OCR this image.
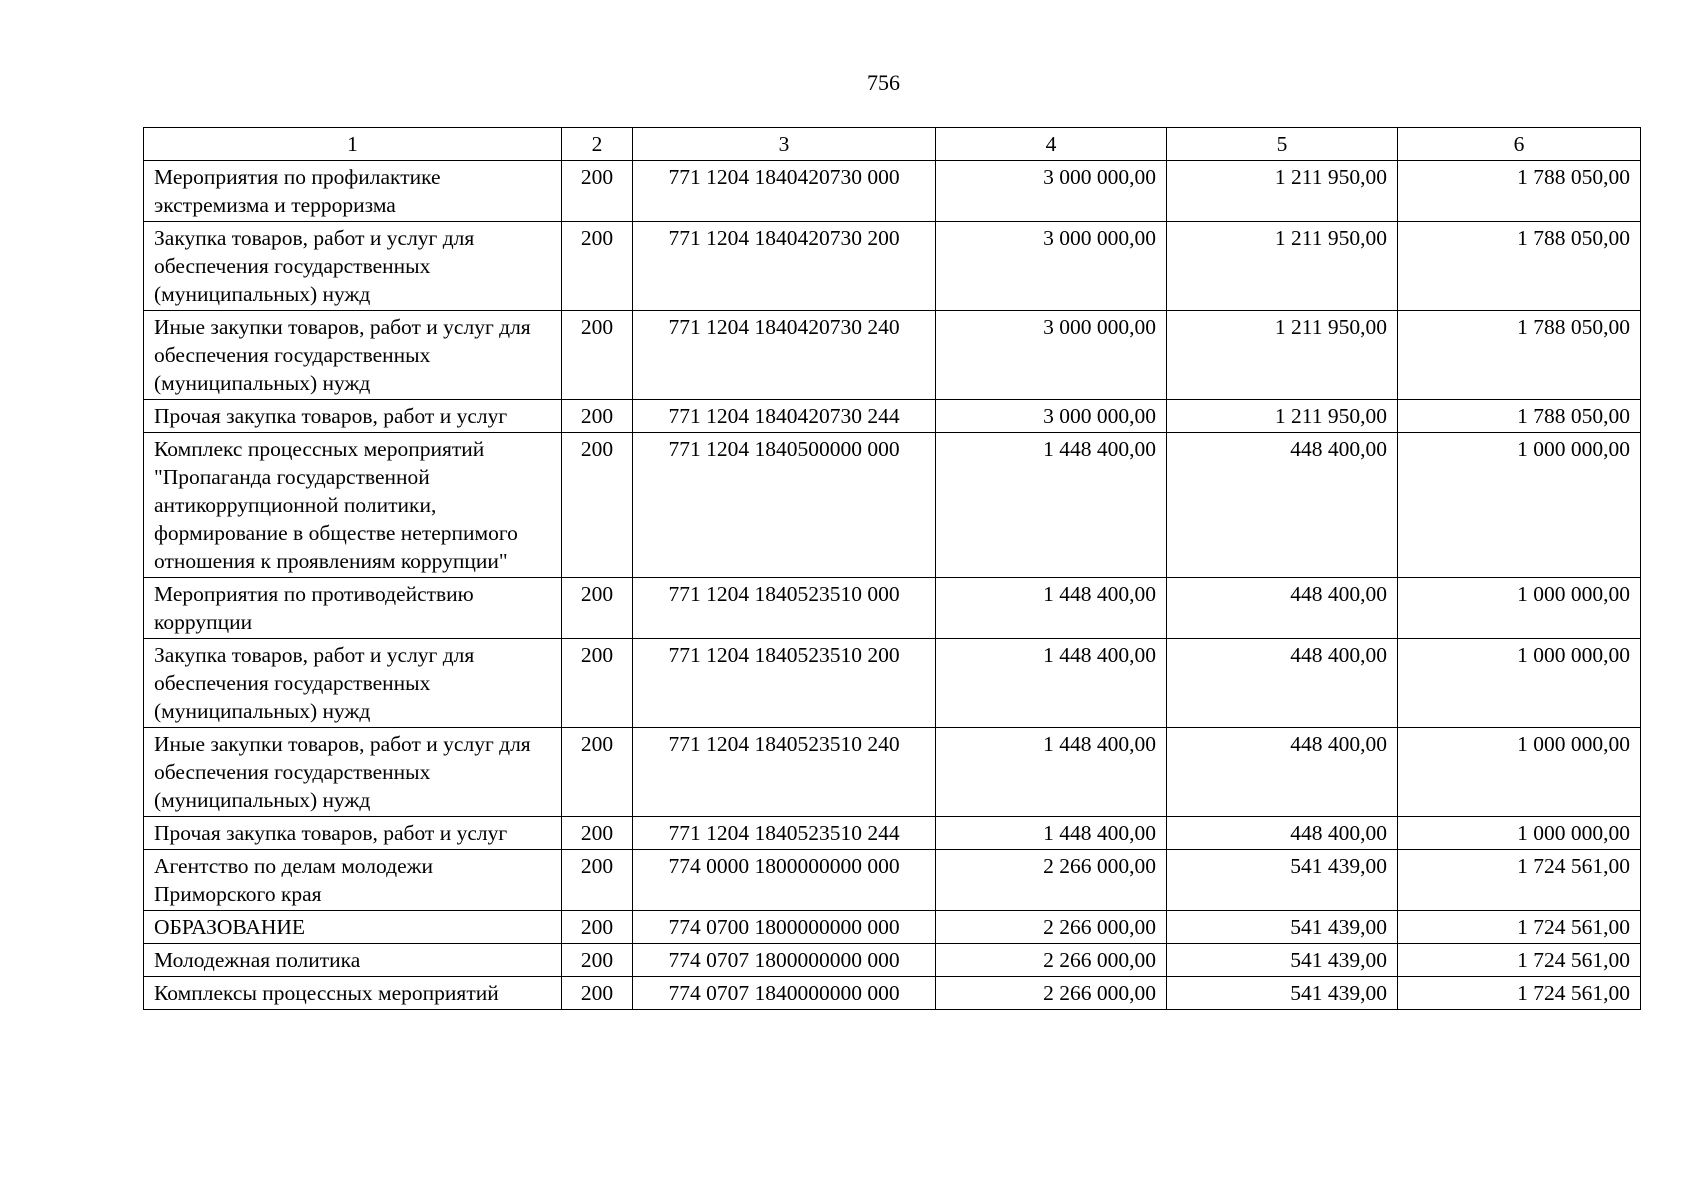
756
1	2	3	4	5	6
Мероприятия по профилактике экстремизма и терроризма	200	771 1204 1840420730 000	3 000 000,00	1 211 950,00	1 788 050,00
Закупка товаров, работ и услуг для обеспечения государственных (муниципальных) нужд	200	771 1204 1840420730 200	3 000 000,00	1 211 950,00	1 788 050,00
Иные закупки товаров, работ и услуг для обеспечения государственных (муниципальных) нужд	200	771 1204 1840420730 240	3 000 000,00	1 211 950,00	1 788 050,00
Прочая закупка товаров, работ и услуг	200	771 1204 1840420730 244	3 000 000,00	1 211 950,00	1 788 050,00
Комплекс процессных мероприятий "Пропаганда государственной антикоррупционной политики, формирование в обществе нетерпимого отношения к проявлениям коррупции"	200	771 1204 1840500000 000	1 448 400,00	448 400,00	1 000 000,00
Мероприятия по противодействию коррупции	200	771 1204 1840523510 000	1 448 400,00	448 400,00	1 000 000,00
Закупка товаров, работ и услуг для обеспечения государственных (муниципальных) нужд	200	771 1204 1840523510 200	1 448 400,00	448 400,00	1 000 000,00
Иные закупки товаров, работ и услуг для обеспечения государственных (муниципальных) нужд	200	771 1204 1840523510 240	1 448 400,00	448 400,00	1 000 000,00
Прочая закупка товаров, работ и услуг	200	771 1204 1840523510 244	1 448 400,00	448 400,00	1 000 000,00
Агентство по делам молодежи Приморского края	200	774 0000 1800000000 000	2 266 000,00	541 439,00	1 724 561,00
ОБРАЗОВАНИЕ	200	774 0700 1800000000 000	2 266 000,00	541 439,00	1 724 561,00
Молодежная политика	200	774 0707 1800000000 000	2 266 000,00	541 439,00	1 724 561,00
Комплексы процессных мероприятий	200	774 0707 1840000000 000	2 266 000,00	541 439,00	1 724 561,00
